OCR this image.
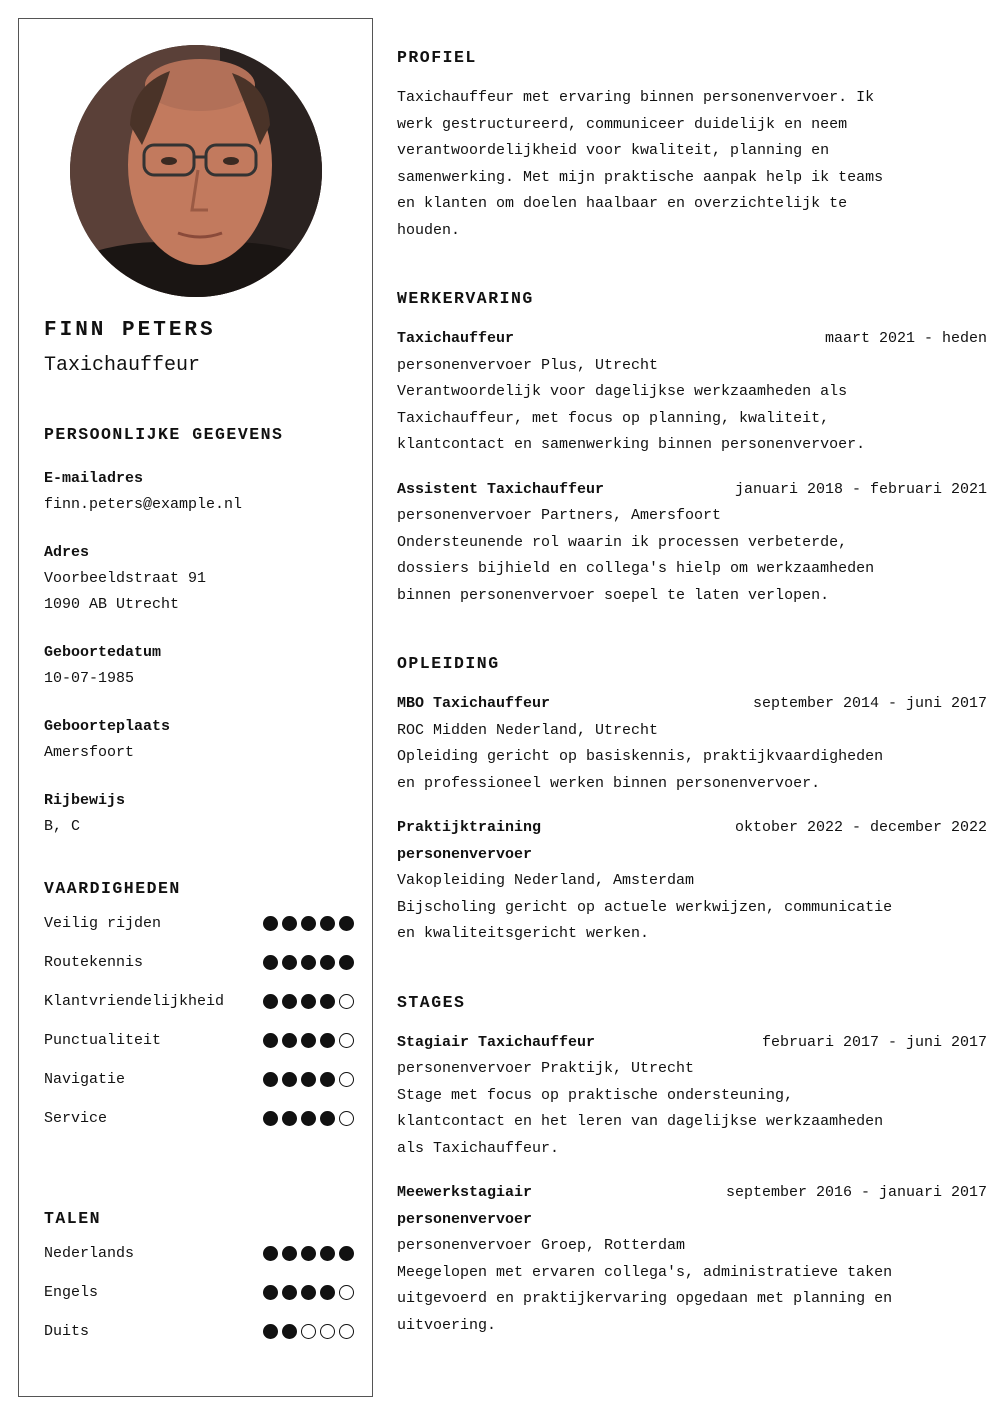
FINN PETERS
Taxichauffeur
PERSOONLIJKE GEGEVENS
E-mailadres
finn.peters@example.nl
Adres
Voorbeeldstraat 91
1090 AB Utrecht
Geboortedatum
10-07-1985
Geboorteplaats
Amersfoort
Rijbewijs
B, C
VAARDIGHEDEN
Veilig rijden
Routekennis
Klantvriendelijkheid
Punctualiteit
Navigatie
Service
TALEN
Nederlands
Engels
Duits
PROFIEL
Taxichauffeur met ervaring binnen personenvervoer. Ik
werk gestructureerd, communiceer duidelijk en neem
verantwoordelijkheid voor kwaliteit, planning en
samenwerking. Met mijn praktische aanpak help ik teams
en klanten om doelen haalbaar en overzichtelijk te
houden.
WERKERVARING
Taxichauffeur	maart 2021 - heden
personenvervoer Plus, Utrecht
Verantwoordelijk voor dagelijkse werkzaamheden als
Taxichauffeur, met focus op planning, kwaliteit,
klantcontact en samenwerking binnen personenvervoer.
Assistent Taxichauffeur	januari 2018 - februari 2021
personenvervoer Partners, Amersfoort
Ondersteunende rol waarin ik processen verbeterde,
dossiers bijhield en collega's hielp om werkzaamheden
binnen personenvervoer soepel te laten verlopen.
OPLEIDING
MBO Taxichauffeur	september 2014 - juni 2017
ROC Midden Nederland, Utrecht
Opleiding gericht op basiskennis, praktijkvaardigheden
en professioneel werken binnen personenvervoer.
Praktijktraining	oktober 2022 - december 2022
personenvervoer
Vakopleiding Nederland, Amsterdam
Bijscholing gericht op actuele werkwijzen, communicatie
en kwaliteitsgericht werken.
STAGES
Stagiair Taxichauffeur	februari 2017 - juni 2017
personenvervoer Praktijk, Utrecht
Stage met focus op praktische ondersteuning,
klantcontact en het leren van dagelijkse werkzaamheden
als Taxichauffeur.
Meewerkstagiair	september 2016 - januari 2017
personenvervoer
personenvervoer Groep, Rotterdam
Meegelopen met ervaren collega's, administratieve taken
uitgevoerd en praktijkervaring opgedaan met planning en
uitvoering.
